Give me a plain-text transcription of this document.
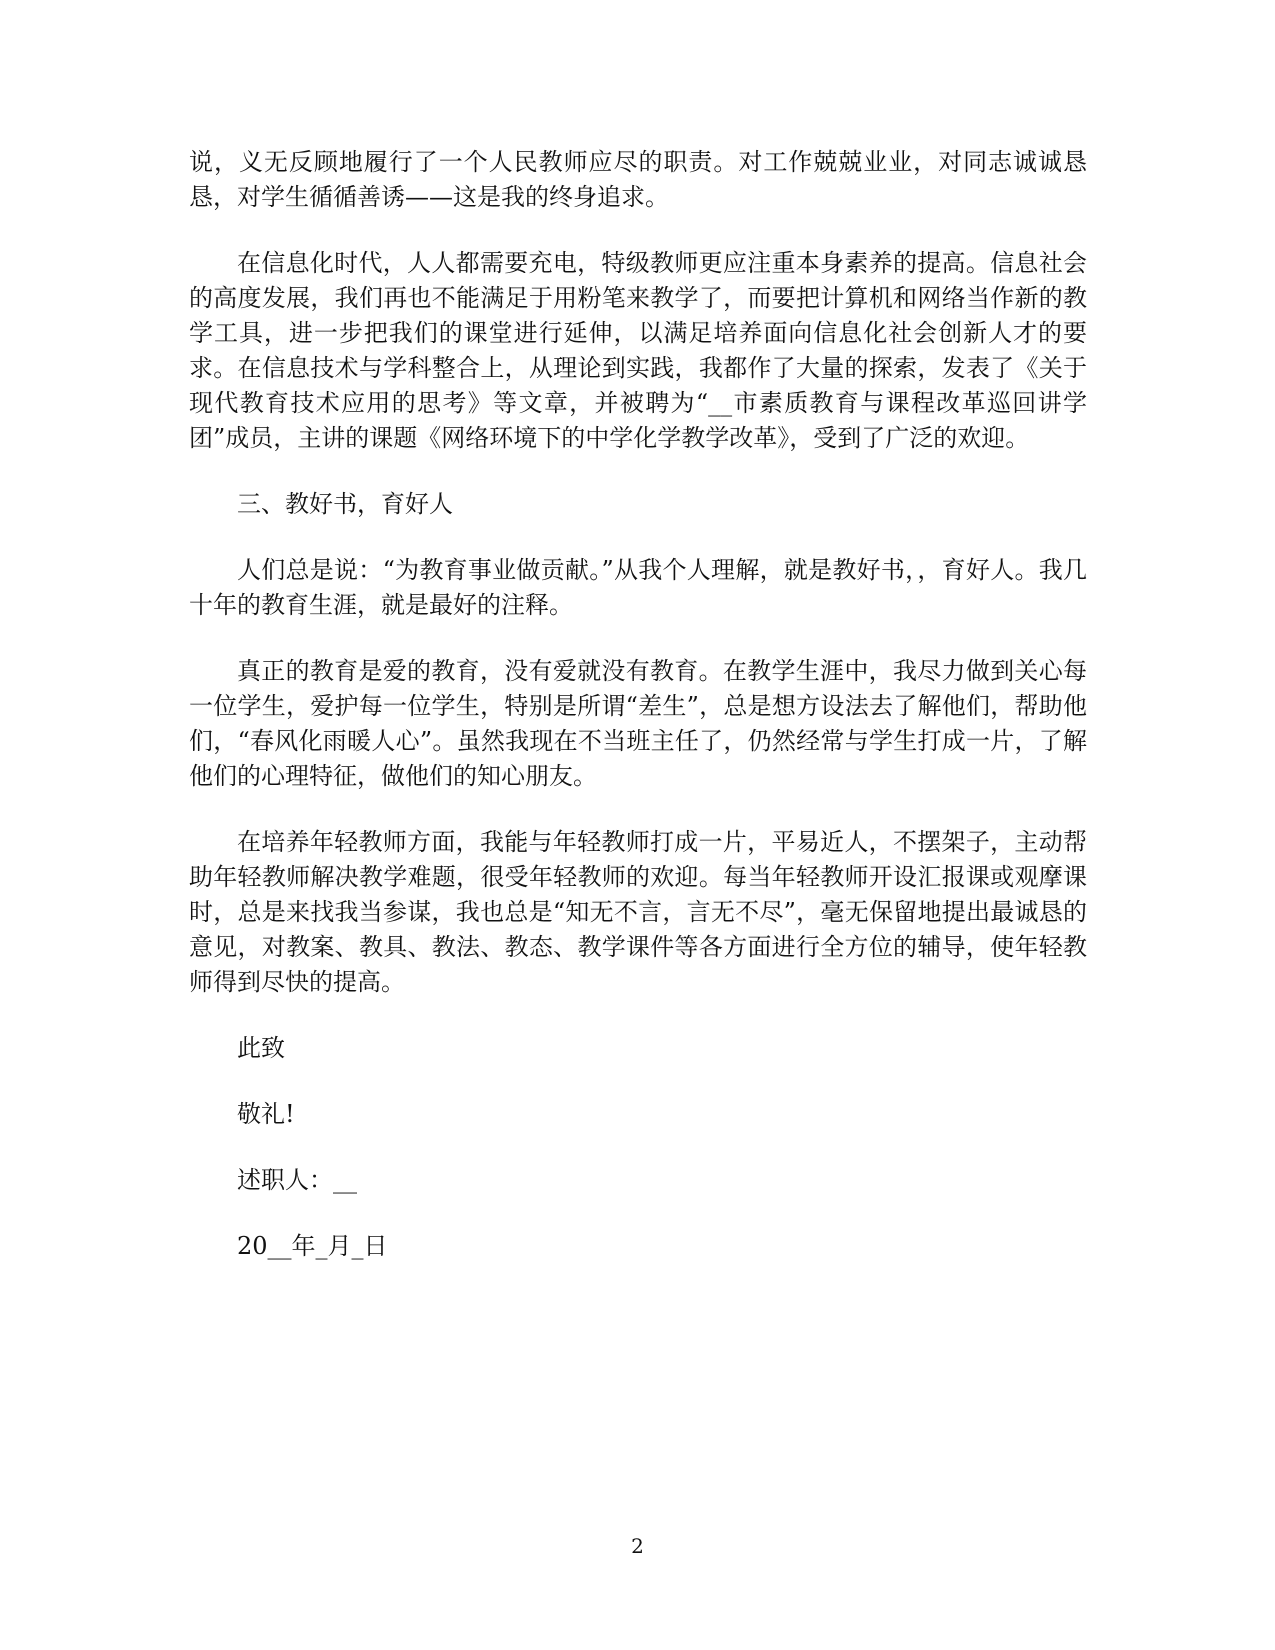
说，义无反顾地履行了一个人民教师应尽的职责。对工作兢兢业业，对同志诚诚恳恳，对学生循循善诱——这是我的终身追求。

在信息化时代，人人都需要充电，特级教师更应注重本身素养的提高。信息社会的高度发展，我们再也不能满足于用粉笔来教学了，而要把计算机和网络当作新的教学工具，进一步把我们的课堂进行延伸，以满足培养面向信息化社会创新人才的要求。在信息技术与学科整合上，从理论到实践，我都作了大量的探索，发表了《关于现代教育技术应用的思考》等文章，并被聘为“__市素质教育与课程改革巡回讲学团”成员，主讲的课题《网络环境下的中学化学教学改革》，受到了广泛的欢迎。

三、教好书，育好人

人们总是说：“为教育事业做贡献。”从我个人理解，就是教好书，，育好人。我几十年的教育生涯，就是最好的注释。

真正的教育是爱的教育，没有爱就没有教育。在教学生涯中，我尽力做到关心每一位学生，爱护每一位学生，特别是所谓“差生”，总是想方设法去了解他们，帮助他们，“春风化雨暖人心”。虽然我现在不当班主任了，仍然经常与学生打成一片，了解他们的心理特征，做他们的知心朋友。

在培养年轻教师方面，我能与年轻教师打成一片，平易近人，不摆架子，主动帮助年轻教师解决教学难题，很受年轻教师的欢迎。每当年轻教师开设汇报课或观摩课时，总是来找我当参谋，我也总是“知无不言，言无不尽”，毫无保留地提出最诚恳的意见，对教案、教具、教法、教态、教学课件等各方面进行全方位的辅导，使年轻教师得到尽快的提高。

此致

敬礼!

述职人：__

20__年_月_日

2
